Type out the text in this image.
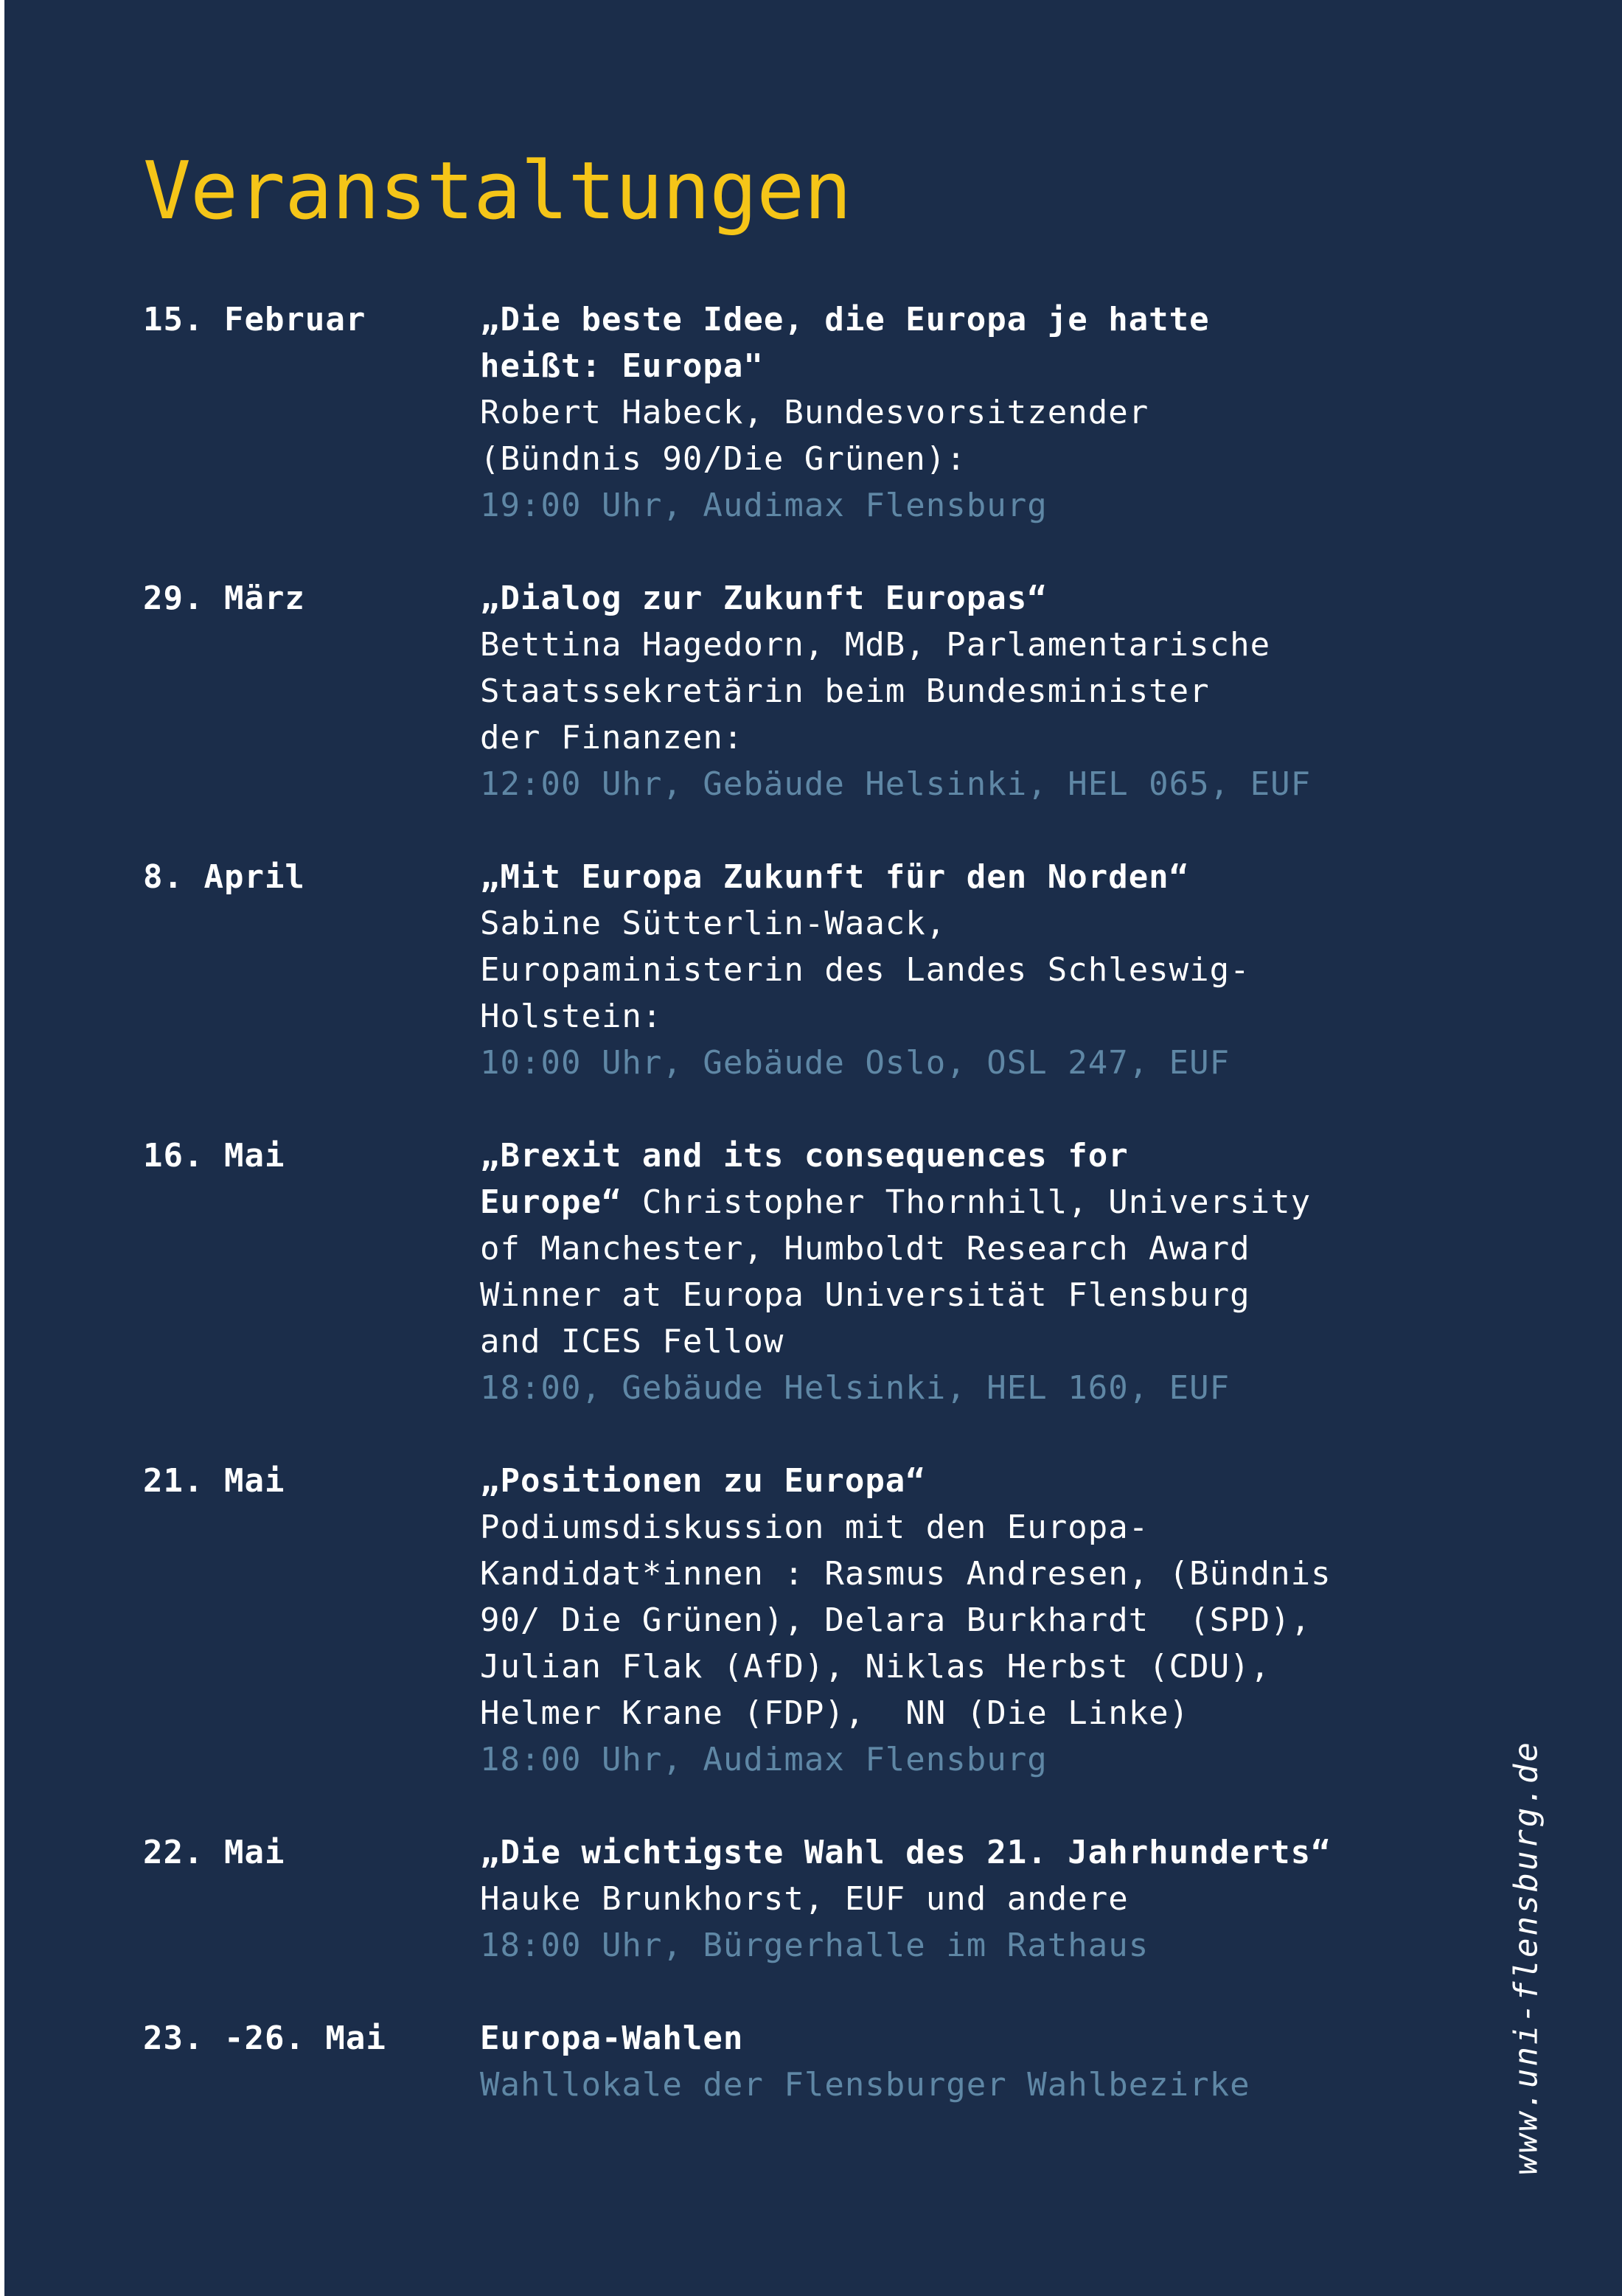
Veranstaltungen
15. Februar	„Die beste Idee, die Europa je hatte
heißt: Europa"
Robert Habeck, Bundesvorsitzender
(Bündnis 90/Die Grünen):
19:00 Uhr, Audimax Flensburg
29. März	„Dialog zur Zukunft Europas“
Bettina Hagedorn, MdB, Parlamentarische
Staatssekretärin beim Bundesminister
der Finanzen:
12:00 Uhr, Gebäude Helsinki, HEL 065, EUF
8. April	„Mit Europa Zukunft für den Norden“
Sabine Sütterlin-Waack,
Europaministerin des Landes Schleswig-
Holstein:
10:00 Uhr, Gebäude Oslo, OSL 247, EUF
16. Mai	„Brexit and its consequences for
Europe“ Christopher Thornhill, University
of Manchester, Humboldt Research Award
Winner at Europa Universität Flensburg
and ICES Fellow
18:00, Gebäude Helsinki, HEL 160, EUF
21. Mai	„Positionen zu Europa“
Podiumsdiskussion mit den Europa-
Kandidat*innen : Rasmus Andresen, (Bündnis
90/ Die Grünen), Delara Burkhardt  (SPD),
Julian Flak (AfD), Niklas Herbst (CDU),
Helmer Krane (FDP),  NN (Die Linke)
18:00 Uhr, Audimax Flensburg
22. Mai	„Die wichtigste Wahl des 21. Jahrhunderts“
Hauke Brunkhorst, EUF und andere
18:00 Uhr, Bürgerhalle im Rathaus
23. -26. Mai	Europa-Wahlen
Wahllokale der Flensburger Wahlbezirke	www.uni-flensburg.de
